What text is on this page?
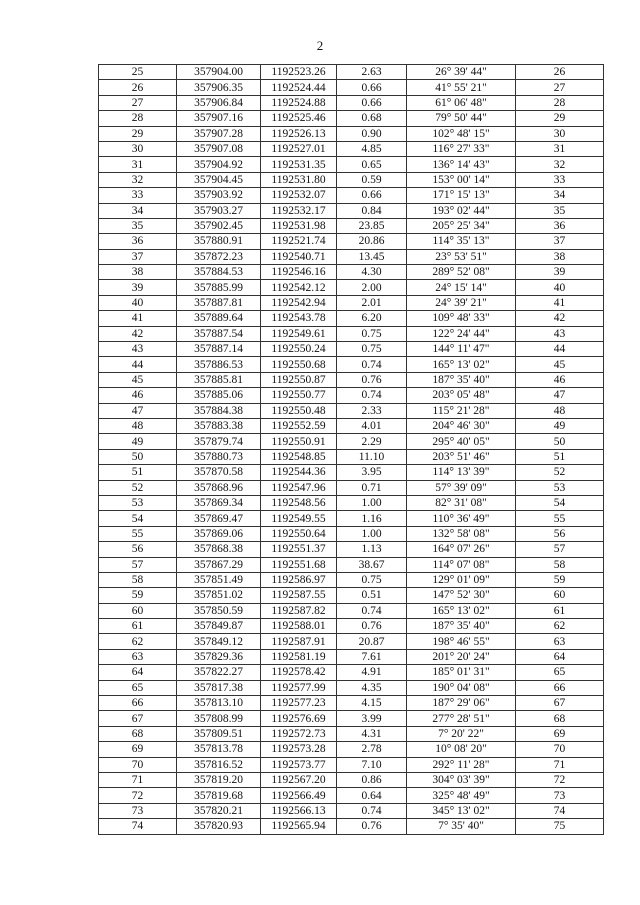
2
25	357904.00	1192523.26	2.63	26° 39' 44"	26
26	357906.35	1192524.44	0.66	41° 55' 21"	27
27	357906.84	1192524.88	0.66	61° 06' 48"	28
28	357907.16	1192525.46	0.68	79° 50' 44"	29
29	357907.28	1192526.13	0.90	102° 48' 15"	30
30	357907.08	1192527.01	4.85	116° 27' 33"	31
31	357904.92	1192531.35	0.65	136° 14' 43"	32
32	357904.45	1192531.80	0.59	153° 00' 14"	33
33	357903.92	1192532.07	0.66	171° 15' 13"	34
34	357903.27	1192532.17	0.84	193° 02' 44"	35
35	357902.45	1192531.98	23.85	205° 25' 34"	36
36	357880.91	1192521.74	20.86	114° 35' 13"	37
37	357872.23	1192540.71	13.45	23° 53' 51"	38
38	357884.53	1192546.16	4.30	289° 52' 08"	39
39	357885.99	1192542.12	2.00	24° 15' 14"	40
40	357887.81	1192542.94	2.01	24° 39' 21"	41
41	357889.64	1192543.78	6.20	109° 48' 33"	42
42	357887.54	1192549.61	0.75	122° 24' 44"	43
43	357887.14	1192550.24	0.75	144° 11' 47"	44
44	357886.53	1192550.68	0.74	165° 13' 02"	45
45	357885.81	1192550.87	0.76	187° 35' 40"	46
46	357885.06	1192550.77	0.74	203° 05' 48"	47
47	357884.38	1192550.48	2.33	115° 21' 28"	48
48	357883.38	1192552.59	4.01	204° 46' 30"	49
49	357879.74	1192550.91	2.29	295° 40' 05"	50
50	357880.73	1192548.85	11.10	203° 51' 46"	51
51	357870.58	1192544.36	3.95	114° 13' 39"	52
52	357868.96	1192547.96	0.71	57° 39' 09"	53
53	357869.34	1192548.56	1.00	82° 31' 08"	54
54	357869.47	1192549.55	1.16	110° 36' 49"	55
55	357869.06	1192550.64	1.00	132° 58' 08"	56
56	357868.38	1192551.37	1.13	164° 07' 26"	57
57	357867.29	1192551.68	38.67	114° 07' 08"	58
58	357851.49	1192586.97	0.75	129° 01' 09"	59
59	357851.02	1192587.55	0.51	147° 52' 30"	60
60	357850.59	1192587.82	0.74	165° 13' 02"	61
61	357849.87	1192588.01	0.76	187° 35' 40"	62
62	357849.12	1192587.91	20.87	198° 46' 55"	63
63	357829.36	1192581.19	7.61	201° 20' 24"	64
64	357822.27	1192578.42	4.91	185° 01' 31"	65
65	357817.38	1192577.99	4.35	190° 04' 08"	66
66	357813.10	1192577.23	4.15	187° 29' 06"	67
67	357808.99	1192576.69	3.99	277° 28' 51"	68
68	357809.51	1192572.73	4.31	7° 20' 22"	69
69	357813.78	1192573.28	2.78	10° 08' 20"	70
70	357816.52	1192573.77	7.10	292° 11' 28"	71
71	357819.20	1192567.20	0.86	304° 03' 39"	72
72	357819.68	1192566.49	0.64	325° 48' 49"	73
73	357820.21	1192566.13	0.74	345° 13' 02"	74
74	357820.93	1192565.94	0.76	7° 35' 40"	75
